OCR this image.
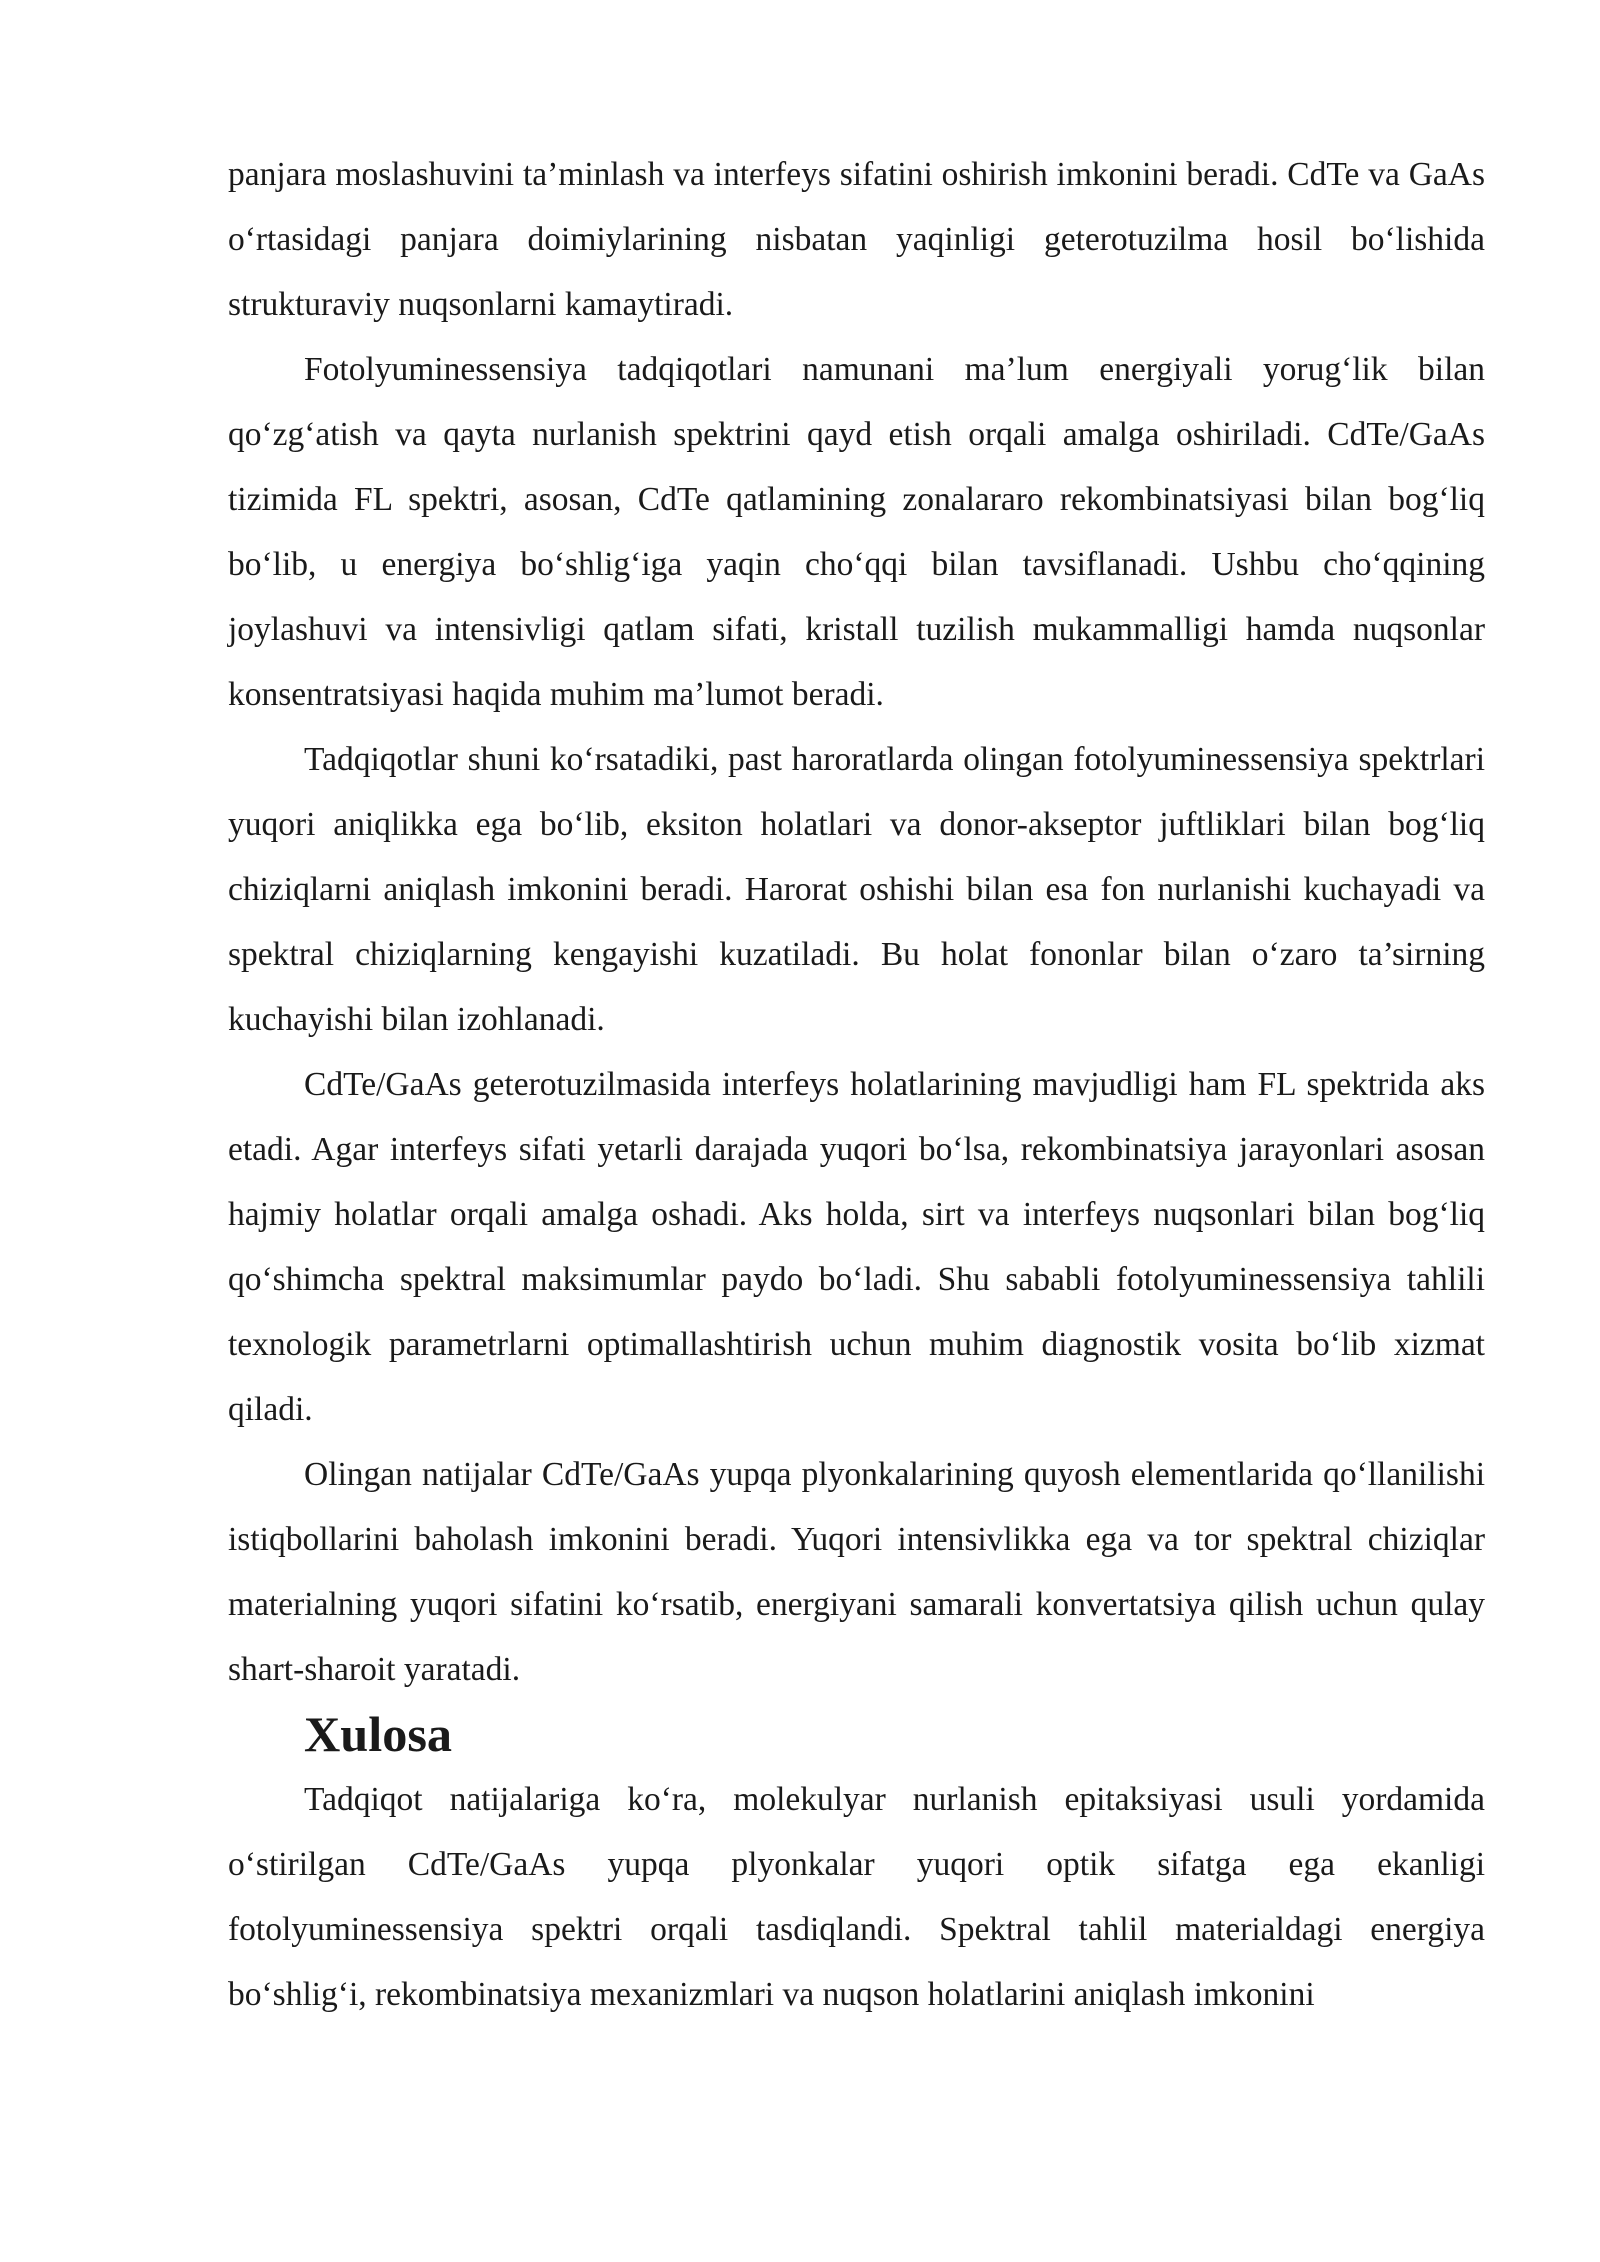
panjara moslashuvini ta’minlash va interfeys sifatini oshirish imkonini beradi. CdTe va GaAs o‘rtasidagi panjara doimiylarining nisbatan yaqinligi geterotuzilma hosil bo‘lishida strukturaviy nuqsonlarni kamaytiradi.

Fotolyuminessensiya tadqiqotlari namunani ma’lum energiyali yorug‘lik bilan qo‘zg‘atish va qayta nurlanish spektrini qayd etish orqali amalga oshiriladi. CdTe/GaAs tizimida FL spektri, asosan, CdTe qatlamining zonalararo rekombinatsiyasi bilan bog‘liq bo‘lib, u energiya bo‘shlig‘iga yaqin cho‘qqi bilan tavsiflanadi. Ushbu cho‘qqining joylashuvi va intensivligi qatlam sifati, kristall tuzilish mukammalligi hamda nuqsonlar konsentratsiyasi haqida muhim ma’lumot beradi.

Tadqiqotlar shuni ko‘rsatadiki, past haroratlarda olingan fotolyuminessensiya spektrlari yuqori aniqlikka ega bo‘lib, eksiton holatlari va donor-akseptor juftliklari bilan bog‘liq chiziqlarni aniqlash imkonini beradi. Harorat oshishi bilan esa fon nurlanishi kuchayadi va spektral chiziqlarning kengayishi kuzatiladi. Bu holat fononlar bilan o‘zaro ta’sirning kuchayishi bilan izohlanadi.

CdTe/GaAs geterotuzilmasida interfeys holatlarining mavjudligi ham FL spektrida aks etadi. Agar interfeys sifati yetarli darajada yuqori bo‘lsa, rekombinatsiya jarayonlari asosan hajmiy holatlar orqali amalga oshadi. Aks holda, sirt va interfeys nuqsonlari bilan bog‘liq qo‘shimcha spektral maksimumlar paydo bo‘ladi. Shu sababli fotolyuminessensiya tahlili texnologik parametrlarni optimallashtirish uchun muhim diagnostik vosita bo‘lib xizmat qiladi.

Olingan natijalar CdTe/GaAs yupqa plyonkalarining quyosh elementlarida qo‘llanilishi istiqbollarini baholash imkonini beradi. Yuqori intensivlikka ega va tor spektral chiziqlar materialning yuqori sifatini ko‘rsatib, energiyani samarali konvertatsiya qilish uchun qulay shart-sharoit yaratadi.

Xulosa

Tadqiqot natijalariga ko‘ra, molekulyar nurlanish epitaksiyasi usuli yordamida o‘stirilgan CdTe/GaAs yupqa plyonkalar yuqori optik sifatga ega ekanligi fotolyuminessensiya spektri orqali tasdiqlandi. Spektral tahlil materialdagi energiya bo‘shlig‘i, rekombinatsiya mexanizmlari va nuqson holatlarini aniqlash imkonini
